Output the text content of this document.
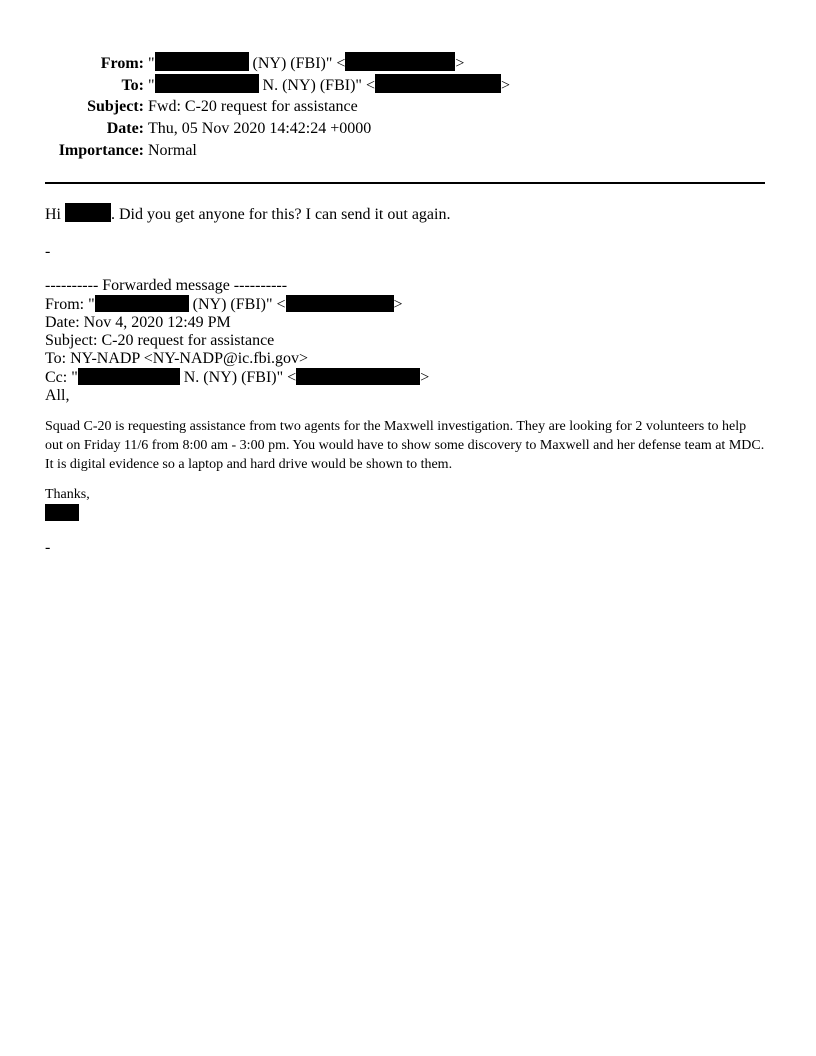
From: "	(NY) (FBI)" <	>
To: "	N. (NY) (FBI)" <	>
Subject: Fwd: C-20 request for assistance
Date: Thu, 05 Nov 2020 14:42:24 +0000
Importance: Normal
Hi	. Did you get anyone for this? I can send it out again.
-
---------- Forwarded message ----------
From: "	(NY) (FBI)" <	>
Date: Nov 4, 2020 12:49 PM
Subject: C-20 request for assistance
To: NY-NADP <NY-NADP@ic.fbi.gov>
Cc: "	N. (NY) (FBI)" <	>
All,

Squad C-20 is requesting assistance from two agents for the Maxwell investigation. They are looking for 2 volunteers to help out on Friday 11/6 from 8:00 am - 3:00 pm. You would have to show some discovery to Maxwell and her defense team at MDC. It is digital evidence so a laptop and hard drive would be shown to them.

Thanks,
-
